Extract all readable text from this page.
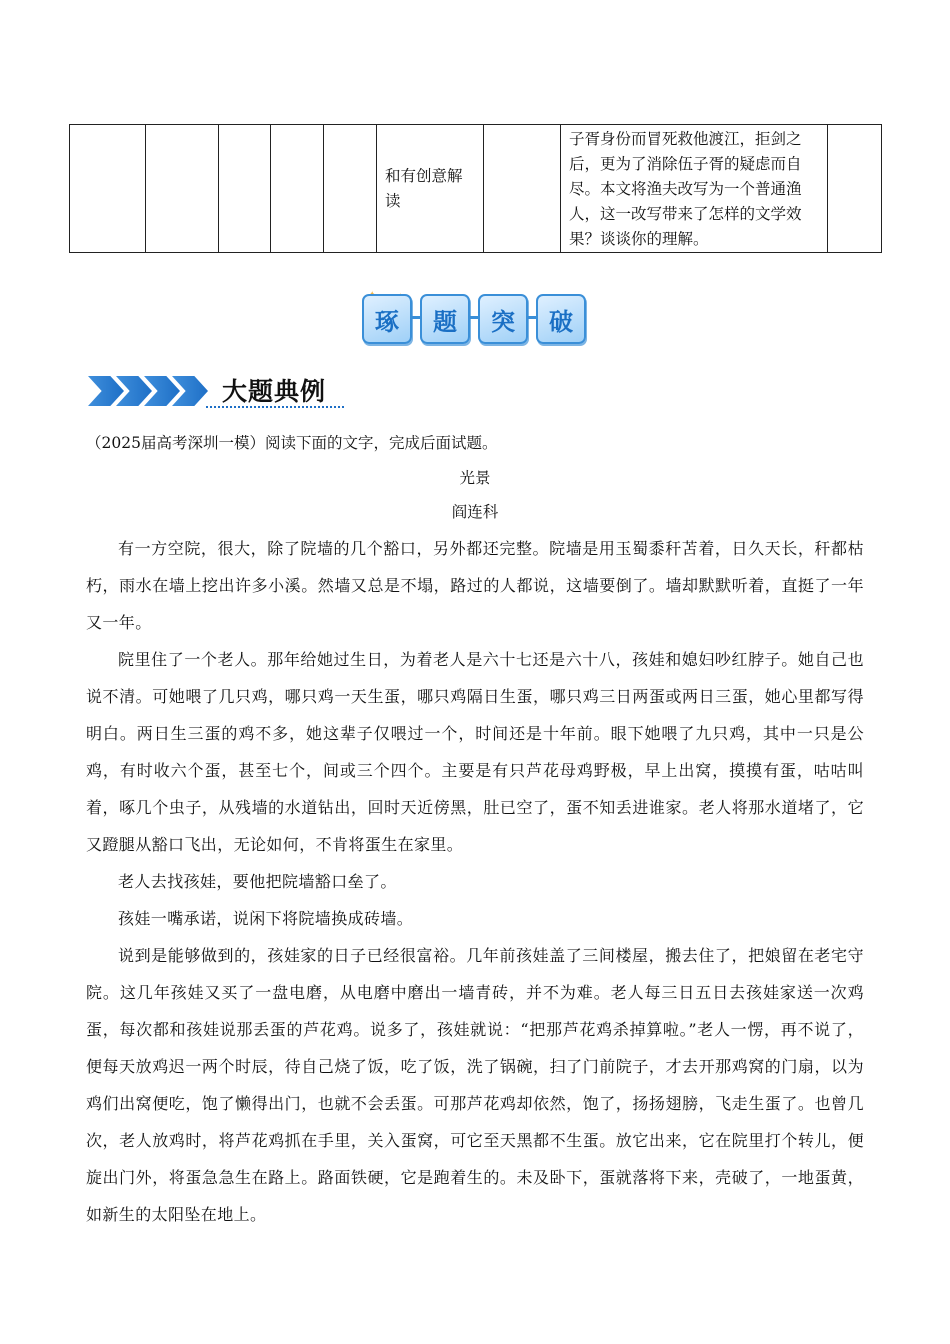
					和有创意解读		子胥身份而冒死救他渡江，拒剑之后，更为了消除伍子胥的疑虑而自尽。本文将渔夫改写为一个普通渔人，这一改写带来了怎样的文学效果？谈谈你的理解。	
琢	题	突	破
大题典例
（2025届高考深圳一模）阅读下面的文字，完成后面试题。
光景
阎连科

有一方空院，很大，除了院墙的几个豁口，另外都还完整。院墙是用玉蜀黍秆苫着，日久天长，秆都枯朽，雨水在墙上挖出许多小溪。然墙又总是不塌，路过的人都说，这墙要倒了。墙却默默听着，直挺了一年又一年。

院里住了一个老人。那年给她过生日，为着老人是六十七还是六十八，孩娃和媳妇吵红脖子。她自己也说不清。可她喂了几只鸡，哪只鸡一天生蛋，哪只鸡隔日生蛋，哪只鸡三日两蛋或两日三蛋，她心里都写得明白。两日生三蛋的鸡不多，她这辈子仅喂过一个，时间还是十年前。眼下她喂了九只鸡，其中一只是公鸡，有时收六个蛋，甚至七个，间或三个四个。主要是有只芦花母鸡野极，早上出窝，摸摸有蛋，咕咕叫着，啄几个虫子，从残墙的水道钻出，回时天近傍黑，肚已空了，蛋不知丢进谁家。老人将那水道堵了，它又蹬腿从豁口飞出，无论如何，不肯将蛋生在家里。

老人去找孩娃，要他把院墙豁口垒了。

孩娃一嘴承诺，说闲下将院墙换成砖墙。

说到是能够做到的，孩娃家的日子已经很富裕。几年前孩娃盖了三间楼屋，搬去住了，把娘留在老宅守院。这几年孩娃又买了一盘电磨，从电磨中磨出一墙青砖，并不为难。老人每三日五日去孩娃家送一次鸡蛋，每次都和孩娃说那丢蛋的芦花鸡。说多了，孩娃就说：“把那芦花鸡杀掉算啦。”老人一愣，再不说了，便每天放鸡迟一两个时辰，待自己烧了饭，吃了饭，洗了锅碗，扫了门前院子，才去开那鸡窝的门扇，以为鸡们出窝便吃，饱了懒得出门，也就不会丢蛋。可那芦花鸡却依然，饱了，扬扬翅膀，飞走生蛋了。也曾几次，老人放鸡时，将芦花鸡抓在手里，关入蛋窝，可它至天黑都不生蛋。放它出来，它在院里打个转儿，便旋出门外，将蛋急急生在路上。路面铁硬，它是跑着生的。未及卧下，蛋就落将下来，壳破了，一地蛋黄，如新生的太阳坠在地上。
